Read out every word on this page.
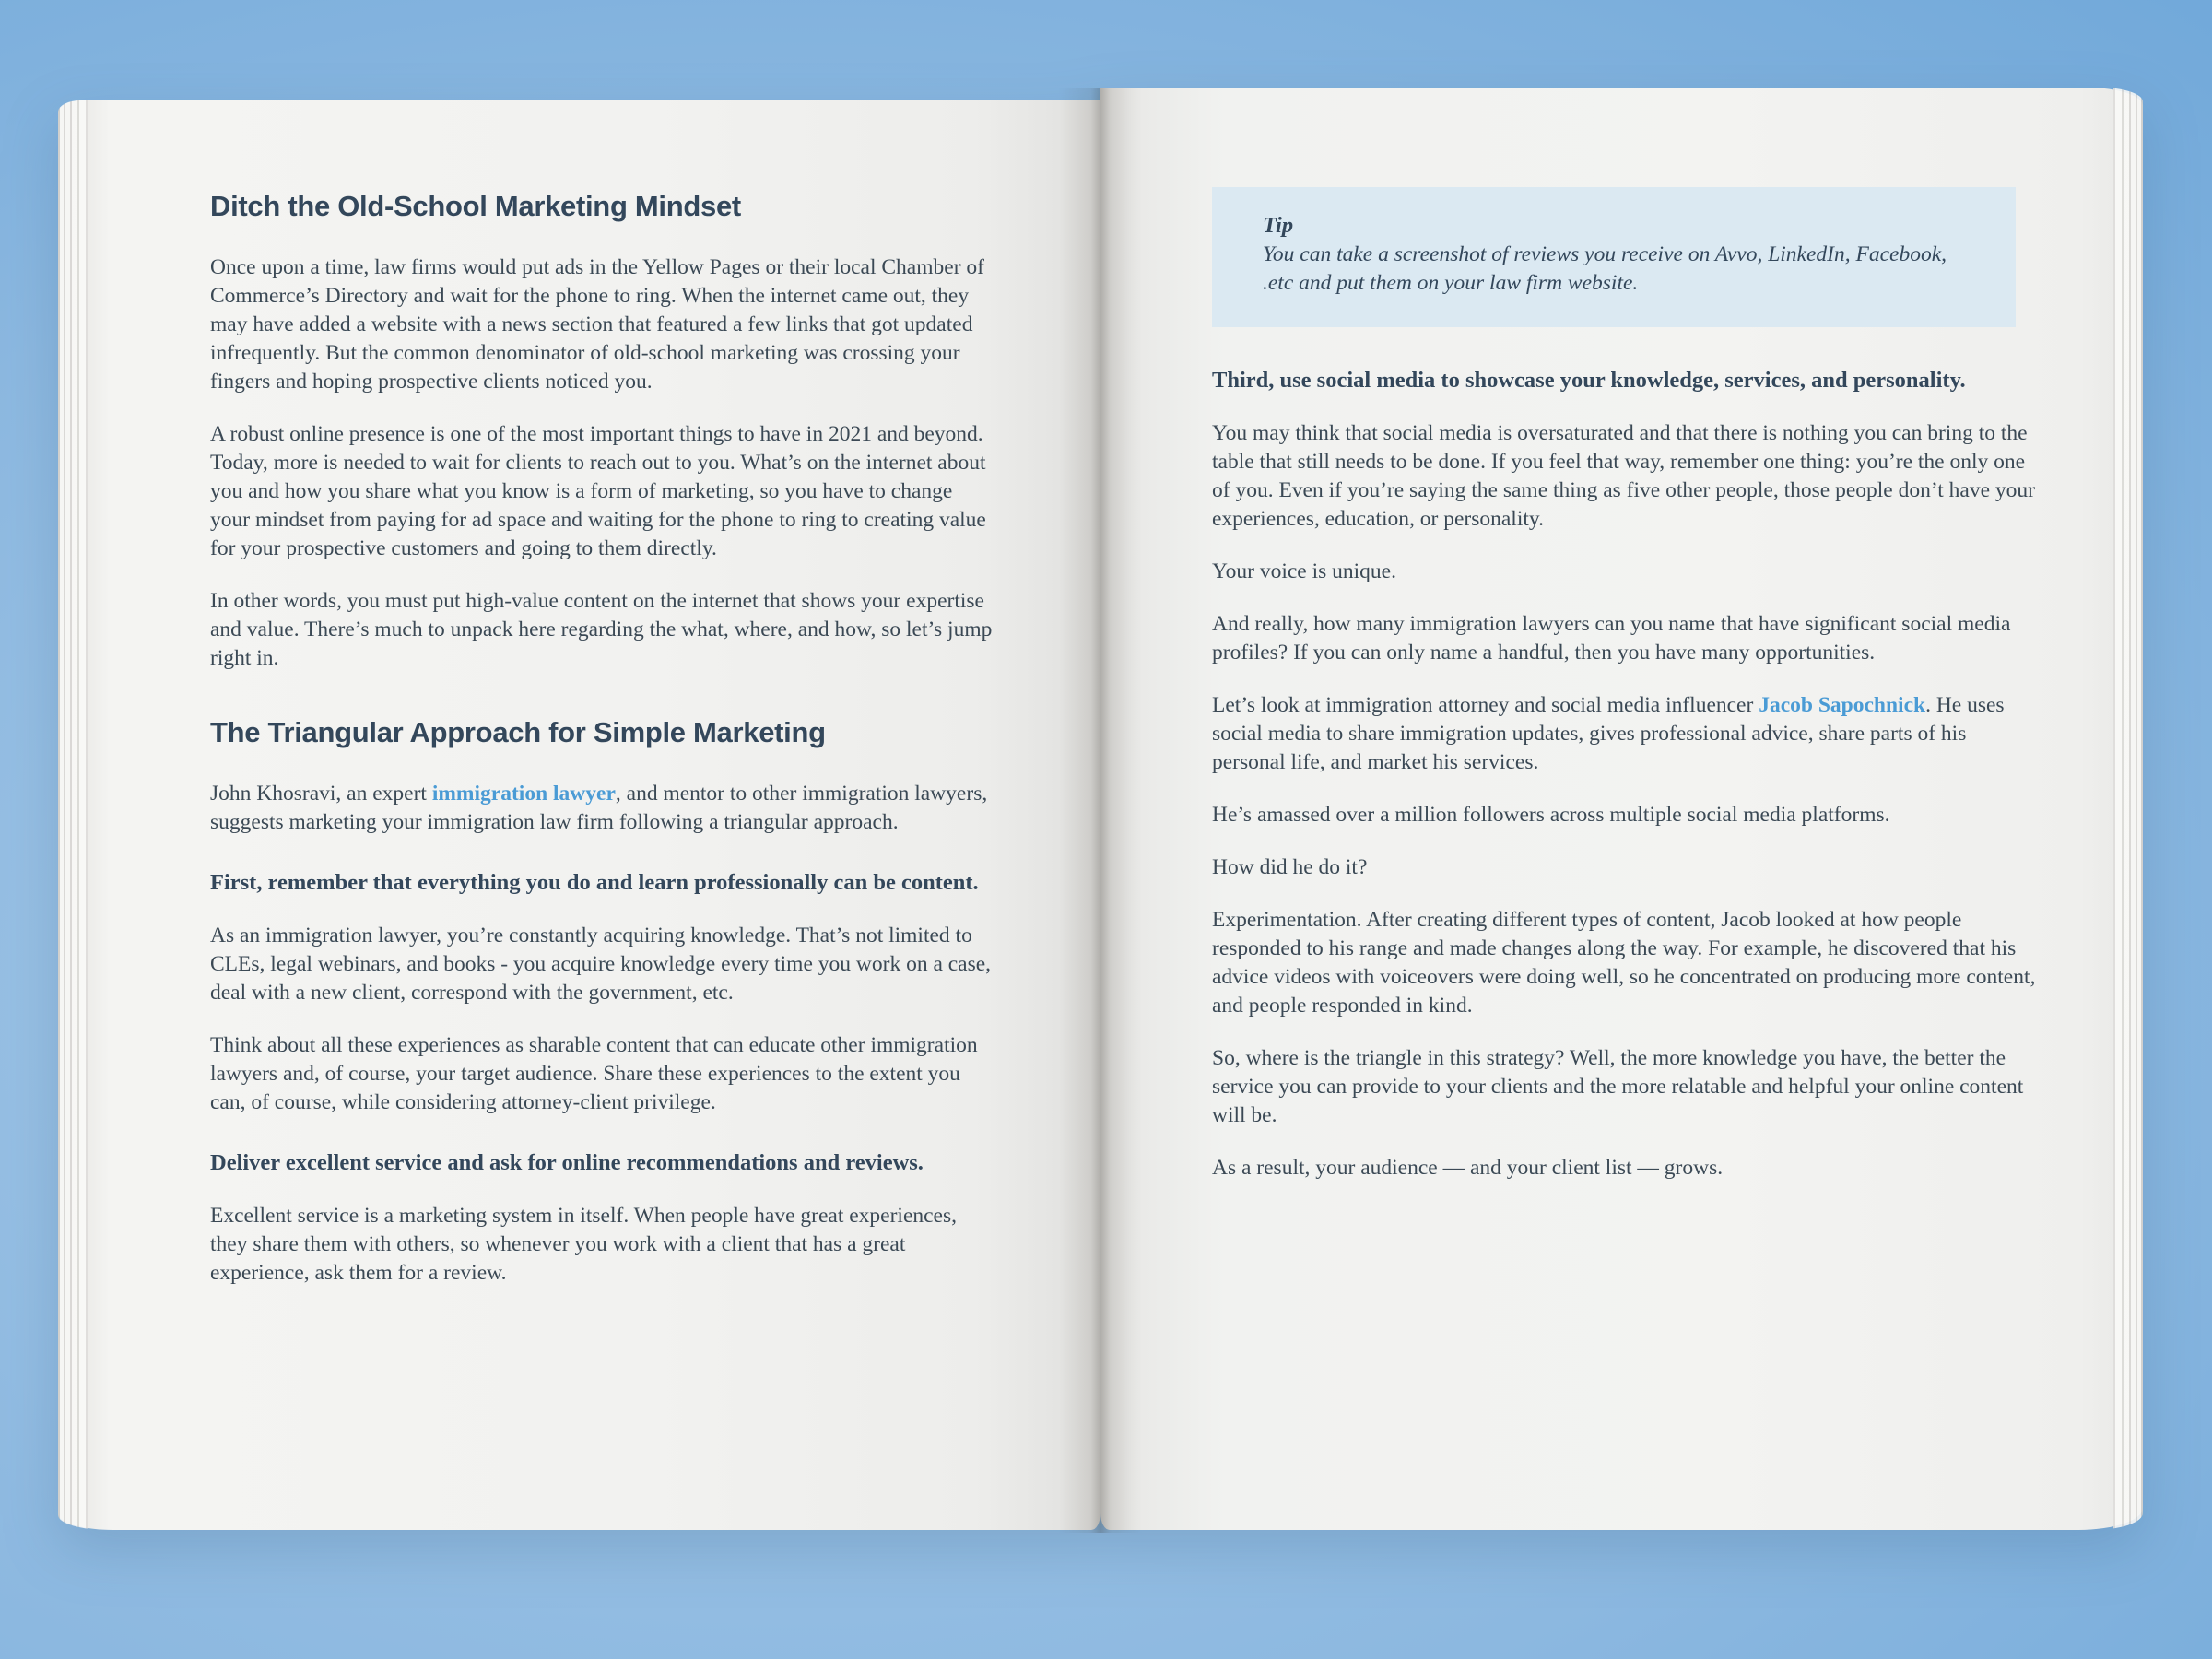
Ditch the Old-School Marketing Mindset

Once upon a time, law firms would put ads in the Yellow Pages or their local Chamber of Commerce’s Directory and wait for the phone to ring. When the internet came out, they may have added a website with a news section that featured a few links that got updated infrequently. But the common denominator of old-school marketing was crossing your fingers and hoping prospective clients noticed you.

A robust online presence is one of the most important things to have in 2021 and beyond. Today, more is needed to wait for clients to reach out to you. What’s on the internet about you and how you share what you know is a form of marketing, so you have to change your mindset from paying for ad space and waiting for the phone to ring to creating value for your prospective customers and going to them directly.

In other words, you must put high-value content on the internet that shows your expertise and value. There’s much to unpack here regarding the what, where, and how, so let’s jump right in.

The Triangular Approach for Simple Marketing

John Khosravi, an expert immigration lawyer, and mentor to other immigration lawyers, suggests marketing your immigration law firm following a triangular approach.

First, remember that everything you do and learn professionally can be content.

As an immigration lawyer, you’re constantly acquiring knowledge. That’s not limited to CLEs, legal webinars, and books - you acquire knowledge every time you work on a case, deal with a new client, correspond with the government, etc.

Think about all these experiences as sharable content that can educate other immigration lawyers and, of course, your target audience. Share these experiences to the extent you can, of course, while considering attorney-client privilege.

Deliver excellent service and ask for online recommendations and reviews.

Excellent service is a marketing system in itself. When people have great experiences, they share them with others, so whenever you work with a client that has a great experience, ask them for a review.

Tip
You can take a screenshot of reviews you receive on Avvo, LinkedIn, Facebook, .etc and put them on your law firm website.
Third, use social media to showcase your knowledge, services, and personality.

You may think that social media is oversaturated and that there is nothing you can bring to the table that still needs to be done. If you feel that way, remember one thing: you’re the only one of you. Even if you’re saying the same thing as five other people, those people don’t have your experiences, education, or personality.

Your voice is unique.

And really, how many immigration lawyers can you name that have significant social media profiles? If you can only name a handful, then you have many opportunities.

Let’s look at immigration attorney and social media influencer Jacob Sapochnick. He uses social media to share immigration updates, gives professional advice, share parts of his personal life, and market his services.

He’s amassed over a million followers across multiple social media platforms.

How did he do it?

Experimentation. After creating different types of content, Jacob looked at how people responded to his range and made changes along the way. For example, he discovered that his advice videos with voiceovers were doing well, so he concentrated on producing more content, and people responded in kind.

So, where is the triangle in this strategy? Well, the more knowledge you have, the better the service you can provide to your clients and the more relatable and helpful your online content will be.

As a result, your audience — and your client list — grows.
